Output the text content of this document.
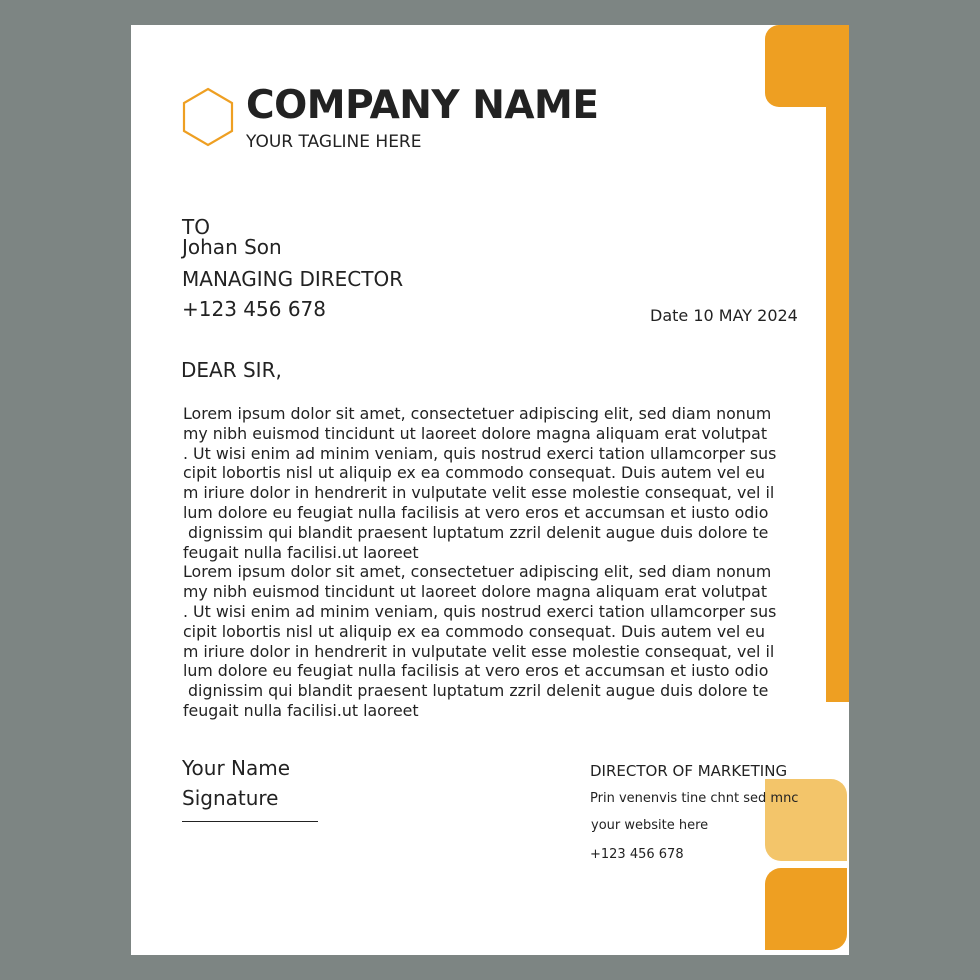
COMPANY NAME
YOUR TAGLINE HERE
TO
Johan Son
MANAGING DIRECTOR
+123 456 678	Date 10 MAY 2024
DEAR SIR,
Lorem ipsum dolor sit amet, consectetuer adipiscing elit, sed diam nonum
my nibh euismod tincidunt ut laoreet dolore magna aliquam erat volutpat
. Ut wisi enim ad minim veniam, quis nostrud exerci tation ullamcorper sus
cipit lobortis nisl ut aliquip ex ea commodo consequat. Duis autem vel eu
m iriure dolor in hendrerit in vulputate velit esse molestie consequat, vel il
lum dolore eu feugiat nulla facilisis at vero eros et accumsan et iusto odio
dignissim qui blandit praesent luptatum zzril delenit augue duis dolore te
feugait nulla facilisi.ut laoreet
Lorem ipsum dolor sit amet, consectetuer adipiscing elit, sed diam nonum
my nibh euismod tincidunt ut laoreet dolore magna aliquam erat volutpat
. Ut wisi enim ad minim veniam, quis nostrud exerci tation ullamcorper sus
cipit lobortis nisl ut aliquip ex ea commodo consequat. Duis autem vel eu
m iriure dolor in hendrerit in vulputate velit esse molestie consequat, vel il
lum dolore eu feugiat nulla facilisis at vero eros et accumsan et iusto odio
dignissim qui blandit praesent luptatum zzril delenit augue duis dolore te
feugait nulla facilisi.ut laoreet
Your Name
Signature
DIRECTOR OF MARKETING
Prin venenvis tine chnt sed mnc
your website here
+123 456 678
